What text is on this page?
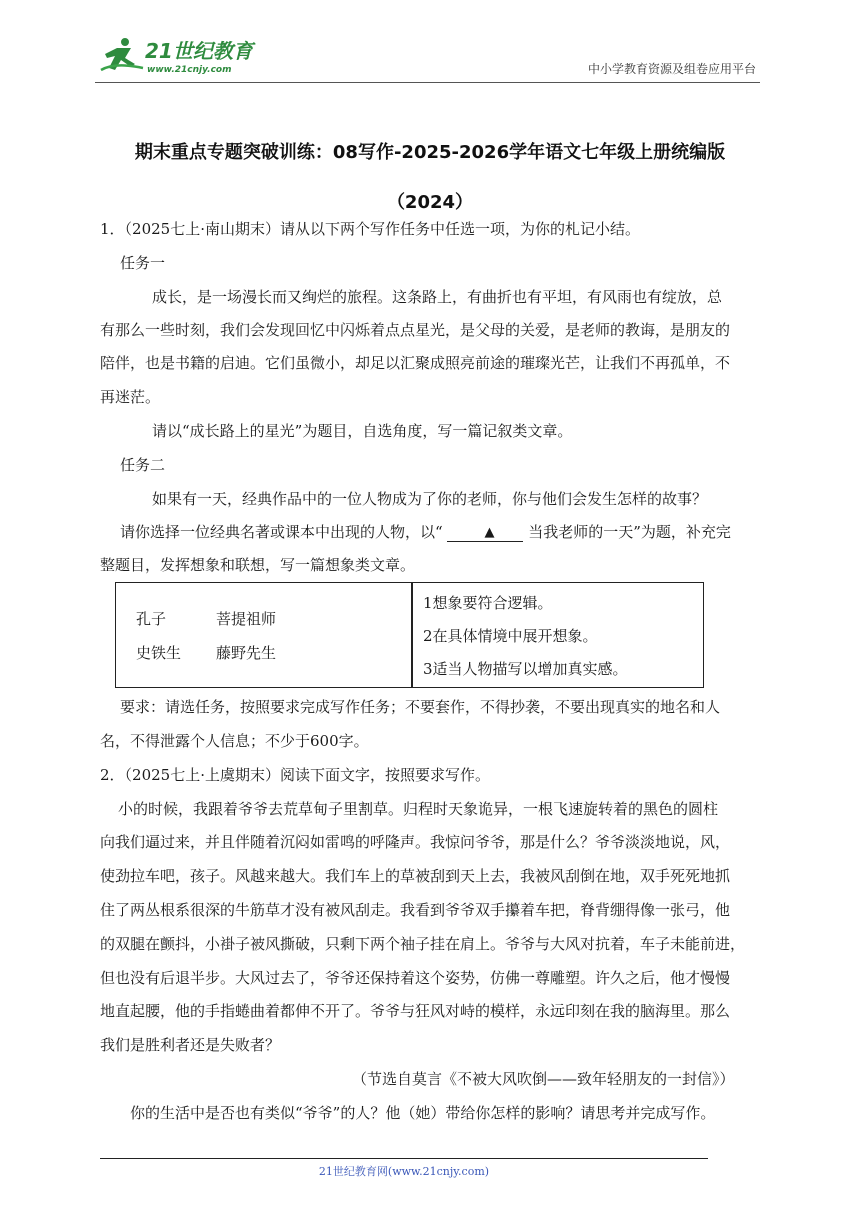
21世纪教育
www.21cnjy.com	中小学教育资源及组卷应用平台
期末重点专题突破训练：08写作-2025-2026学年语文七年级上册统编版
（2024）
1．（2025七上·南山期末）请从以下两个写作任务中任选一项，为你的札记小结。
任务一
成长，是一场漫长而又绚烂的旅程。这条路上，有曲折也有平坦，有风雨也有绽放，总
有那么一些时刻，我们会发现回忆中闪烁着点点星光，是父母的关爱，是老师的教诲，是朋友的
陪伴，也是书籍的启迪。它们虽微小，却足以汇聚成照亮前途的璀璨光芒，让我们不再孤单，不
再迷茫。
请以“成长路上的星光”为题目，自选角度，写一篇记叙类文章。
任务二
如果有一天，经典作品中的一位人物成为了你的老师，你与他们会发生怎样的故事？
请你选择一位经典名著或课本中出现的人物，以“	▲ 当我老师的一天”为题，补充完
整题目，发挥想象和联想，写一篇想象类文章。
孔子	菩提祖师
史铁生 藤野先生
1想象要符合逻辑。
2在具体情境中展开想象。
3适当人物描写以增加真实感。
要求：请选任务，按照要求完成写作任务；不要套作，不得抄袭，不要出现真实的地名和人
名，不得泄露个人信息；不少于600字。
2．（2025七上·上虞期末）阅读下面文字，按照要求写作。
小的时候，我跟着爷爷去荒草甸子里割草。归程时天象诡异，一根飞速旋转着的黑色的圆柱
向我们逼过来，并且伴随着沉闷如雷鸣的呼隆声。我惊问爷爷，那是什么？爷爷淡淡地说，风，
使劲拉车吧，孩子。风越来越大。我们车上的草被刮到天上去，我被风刮倒在地，双手死死地抓
住了两丛根系很深的牛筋草才没有被风刮走。我看到爷爷双手攥着车把，脊背绷得像一张弓，他
的双腿在颤抖，小褂子被风撕破，只剩下两个袖子挂在肩上。爷爷与大风对抗着，车子未能前进，
但也没有后退半步。大风过去了，爷爷还保持着这个姿势，仿佛一尊雕塑。许久之后，他才慢慢
地直起腰，他的手指蜷曲着都伸不开了。爷爷与狂风对峙的模样，永远印刻在我的脑海里。那么
我们是胜利者还是失败者？
（节选自莫言《不被大风吹倒——致年轻朋友的一封信》）
你的生活中是否也有类似“爷爷”的人？他（她）带给你怎样的影响？请思考并完成写作。
21世纪教育网(www.21cnjy.com)
